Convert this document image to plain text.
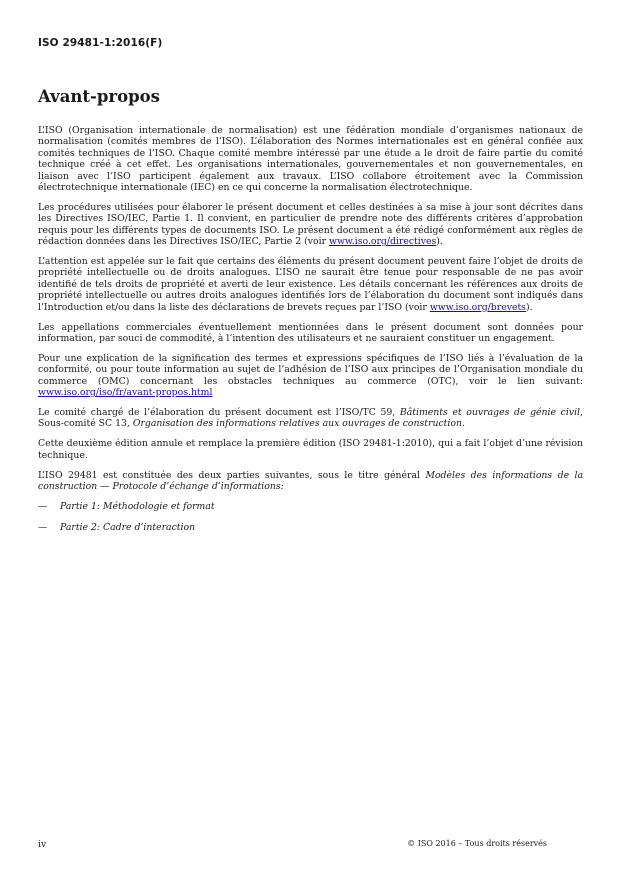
ISO 29481-1:2016(F)
Avant-propos

L’ISO (Organisation internationale de normalisation) est une fédération mondiale d’organismes nationaux de normalisation (comités membres de l’ISO). L’élaboration des Normes internationales est en général confiée aux comités techniques de l’ISO. Chaque comité membre intéressé par une étude a le droit de faire partie du comité technique créé à cet effet. Les organisations internationales, gouvernementales et non gouvernementales, en liaison avec l’ISO participent également aux travaux. L’ISO collabore étroitement avec la Commission électrotechnique internationale (IEC) en ce qui concerne la normalisation électrotechnique.

Les procédures utilisées pour élaborer le présent document et celles destinées à sa mise à jour sont décrites dans les Directives ISO/IEC, Partie 1. Il convient, en particulier de prendre note des différents critères d’approbation requis pour les différents types de documents ISO. Le présent document a été rédigé conformément aux règles de rédaction données dans les Directives ISO/IEC, Partie 2 (voir www.iso.org/directives).

L’attention est appelée sur le fait que certains des éléments du présent document peuvent faire l’objet de droits de propriété intellectuelle ou de droits analogues. L’ISO ne saurait être tenue pour responsable de ne pas avoir identifié de tels droits de propriété et averti de leur existence. Les détails concernant les références aux droits de propriété intellectuelle ou autres droits analogues identifiés lors de l’élaboration du document sont indiqués dans l’Introduction et/ou dans la liste des déclarations de brevets reçues par l’ISO (voir www.iso.org/brevets).

Les appellations commerciales éventuellement mentionnées dans le présent document sont données pour information, par souci de commodité, à l’intention des utilisateurs et ne sauraient constituer un engagement.

Pour une explication de la signification des termes et expressions spécifiques de l’ISO liés à l’évaluation de la conformité, ou pour toute information au sujet de l’adhésion de l’ISO aux principes de l’Organisation mondiale du commerce (OMC) concernant les obstacles techniques au commerce (OTC), voir le lien suivant: www.iso.org/iso/fr/avant-propos.html

Le comité chargé de l’élaboration du présent document est l’ISO/TC 59, Bâtiments et ouvrages de génie civil, Sous-comité SC 13, Organisation des informations relatives aux ouvrages de construction.

Cette deuxième édition annule et remplace la première édition (ISO 29481-1:2010), qui a fait l’objet d’une révision technique.

L’ISO 29481 est constituée des deux parties suivantes, sous le titre général Modèles des informations de la construction — Protocole d’échange d’informations:

— Partie 1: Méthodologie et format
— Partie 2: Cadre d’interaction
iv	© ISO 2016 – Tous droits réservés
